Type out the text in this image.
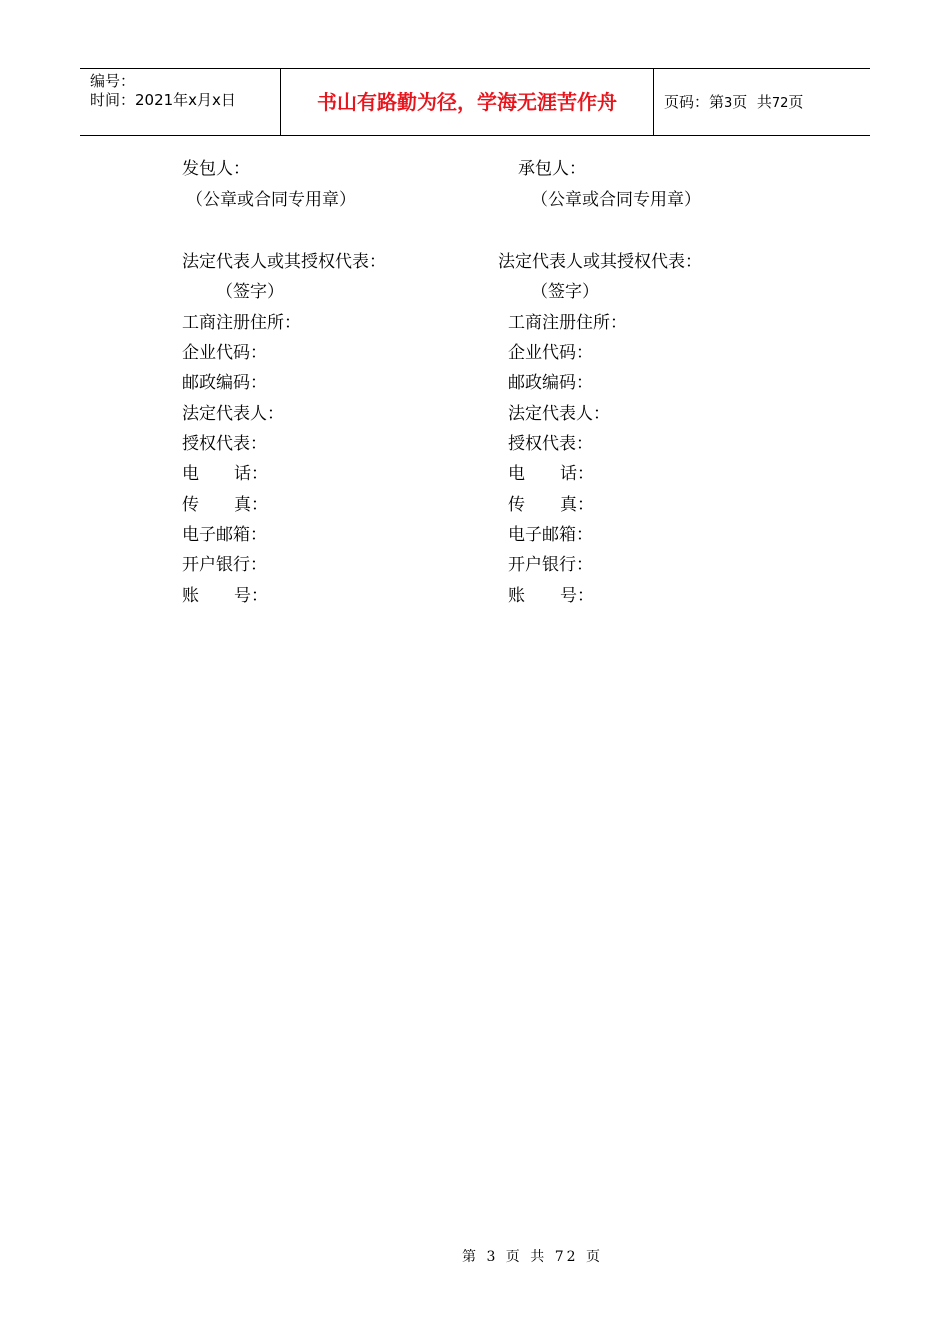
编号：
时间：2021年x月x日	书山有路勤为径，学海无涯苦作舟	页码：第3页  共72页
发包人：
（公章或合同专用章）
法定代表人或其授权代表：
（签字）
工商注册住所：
企业代码：
邮政编码：
法定代表人：
授权代表：
电 话：
传 真：
电子邮箱：
开户银行：
账 号：
承包人：
（公章或合同专用章）
法定代表人或其授权代表：
（签字）
工商注册住所：
企业代码：
邮政编码：
法定代表人：
授权代表：
电 话：
传 真：
电子邮箱：
开户银行：
账 号：
第 3 页 共 72 页
